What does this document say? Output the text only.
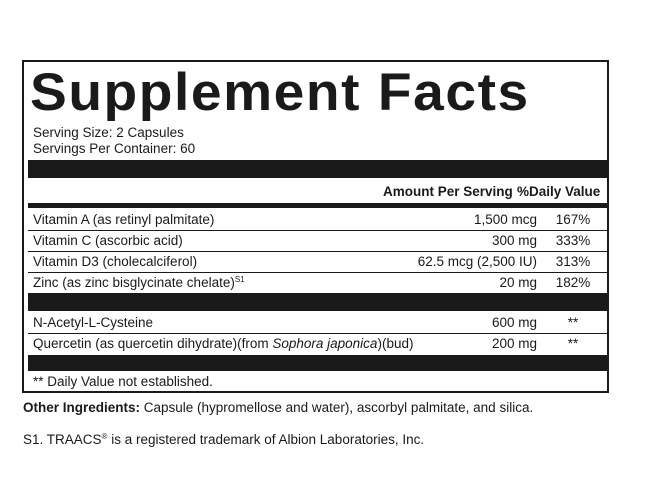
Supplement Facts
Serving Size: 2 Capsules
Servings Per Container: 60
Amount Per Serving %Daily Value
Vitamin A (as retinyl palmitate)	1,500 mcg	167%
Vitamin C (ascorbic acid)	300 mg	333%
Vitamin D3 (cholecalciferol)	62.5 mcg (2,500 IU)	313%
Zinc (as zinc bisglycinate chelate)$^{S1}$	20 mg	182%
N-Acetyl-L-Cysteine	600 mg	**
Quercetin (as quercetin dihydrate)(from Sophora japonica)(bud)	200 mg	**
** Daily Value not established.
Other Ingredients: Capsule (hypromellose and water), ascorbyl palmitate, and silica.
S1. TRAACS® is a registered trademark of Albion Laboratories, Inc.
